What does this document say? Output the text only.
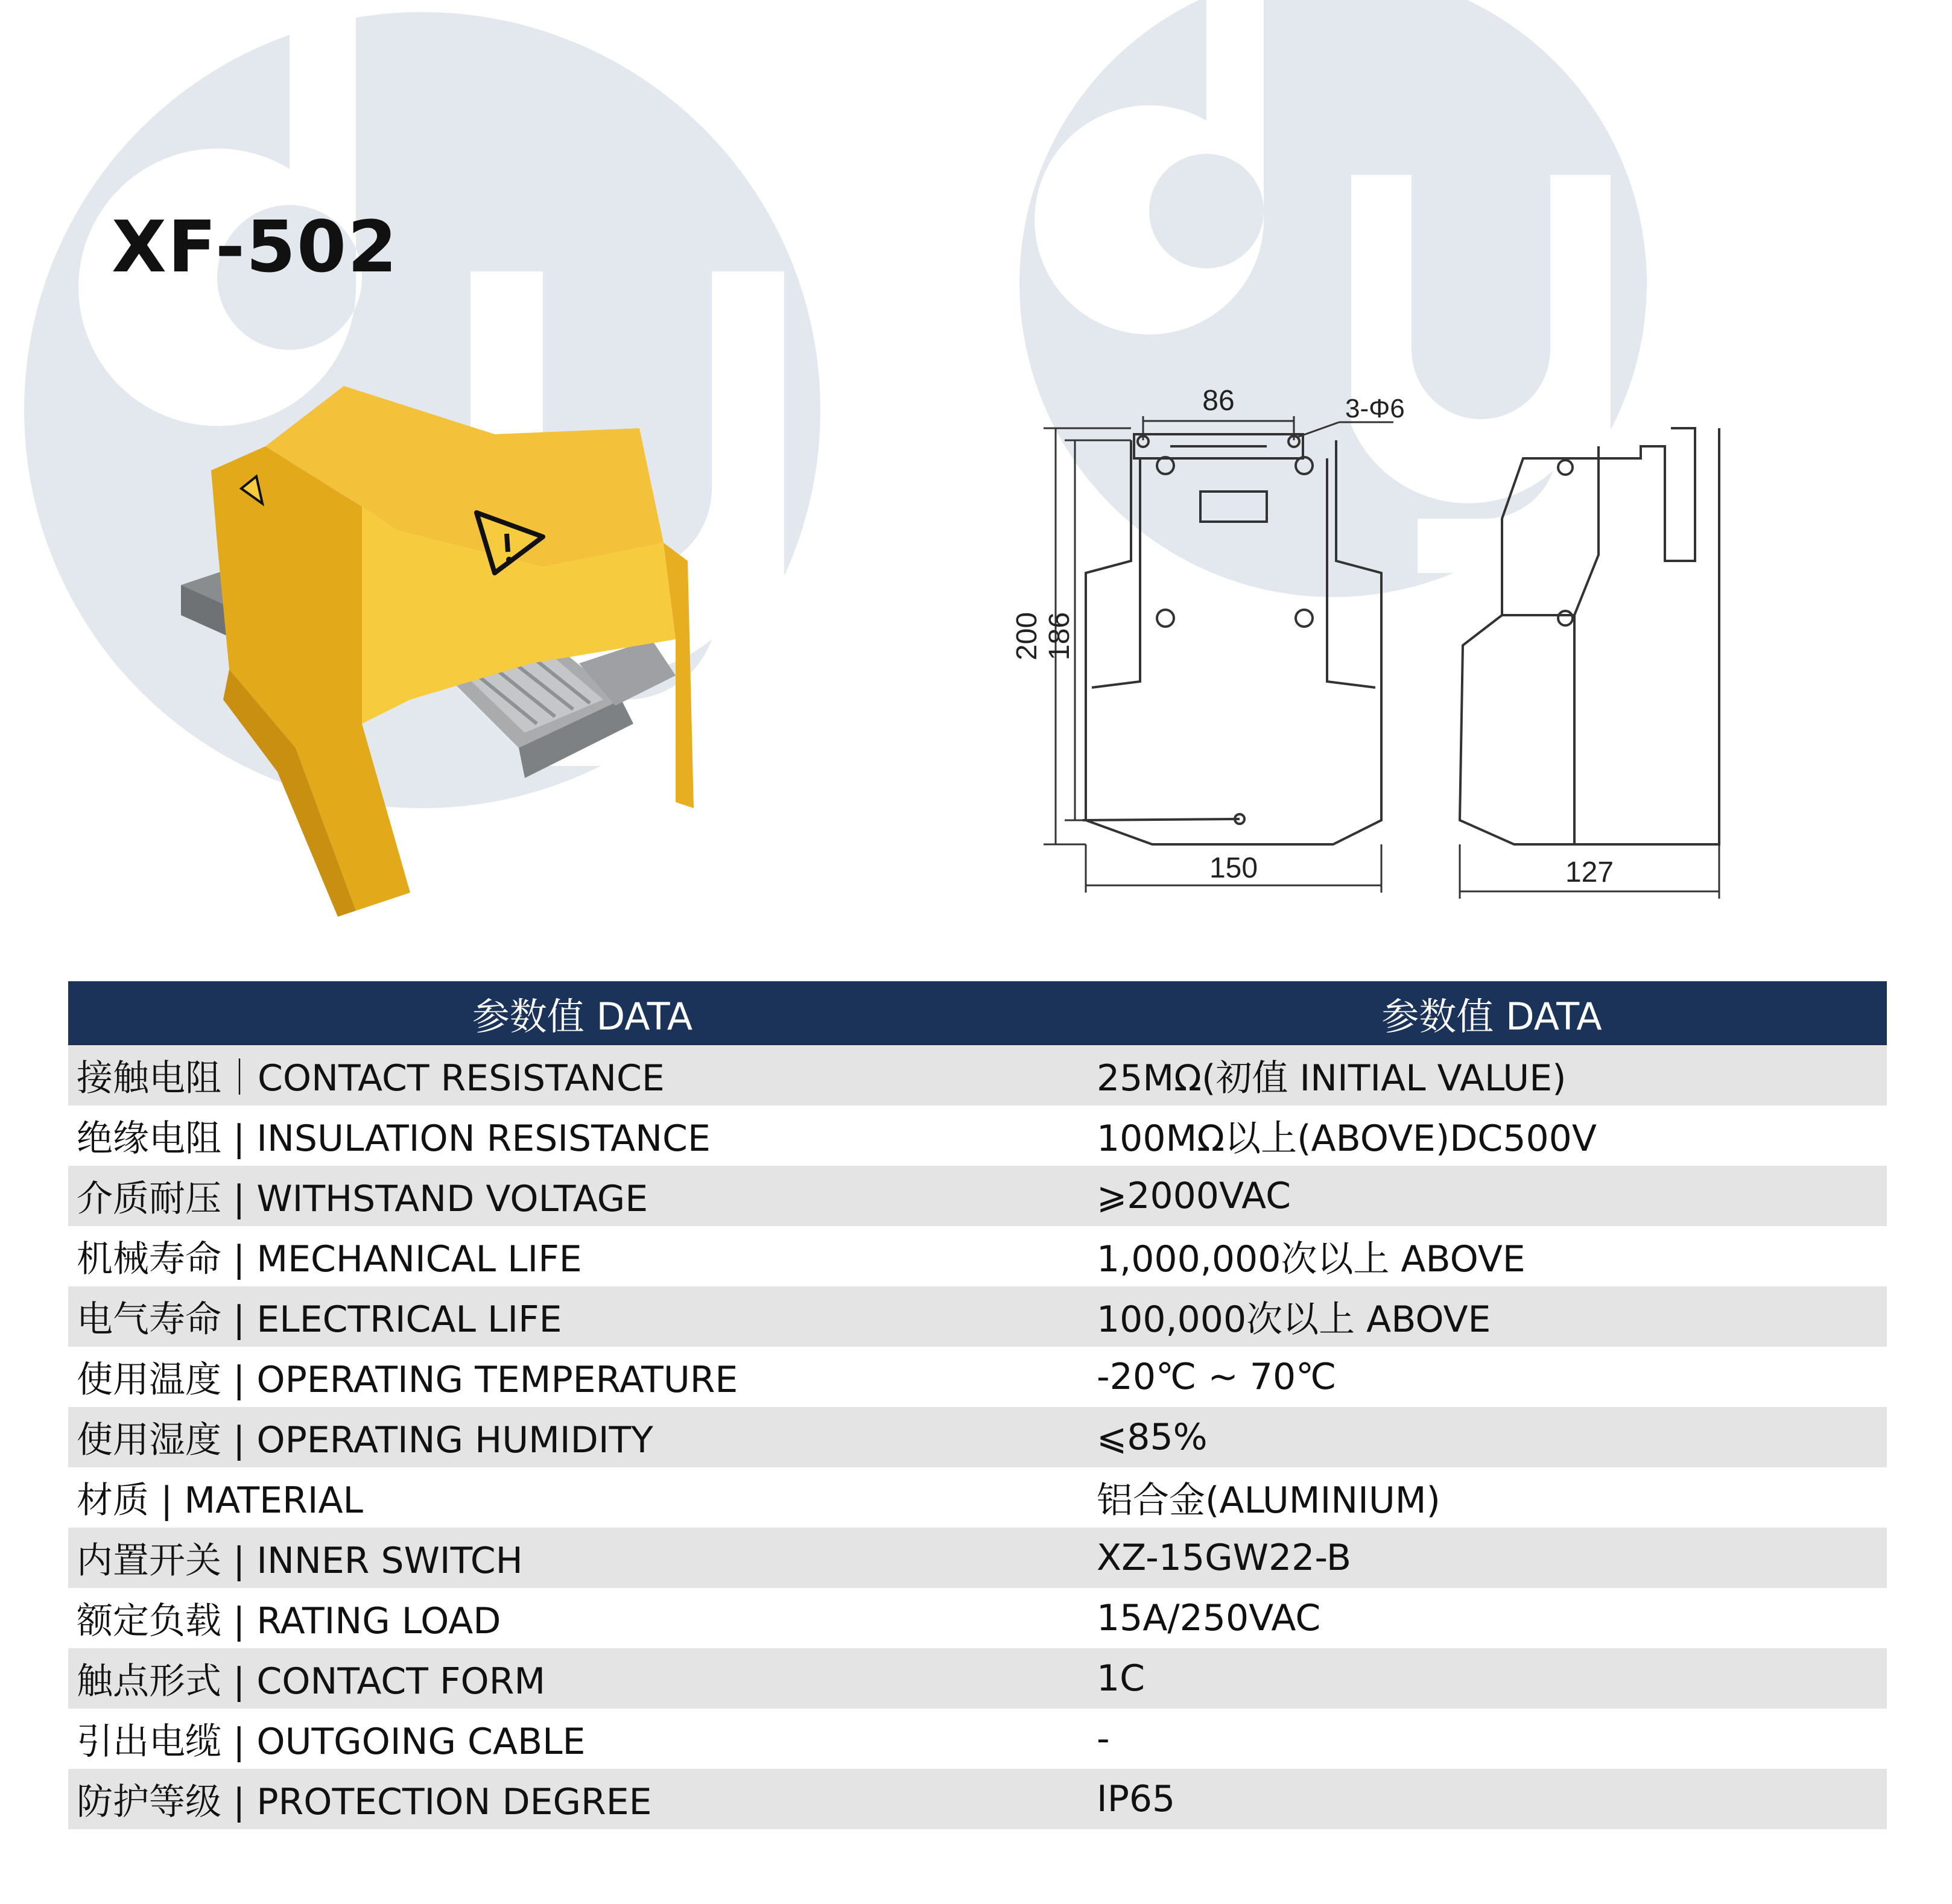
XF-502
86	3-Φ6
200 186
150	127
参数值 DATA	参数值 DATA
接触电阻｜CONTACT RESISTANCE	25MΩ(初值 INITIAL VALUE)
绝缘电阻 | INSULATION RESISTANCE	100MΩ以上(ABOVE)DC500V
介质耐压 | WITHSTAND VOLTAGE	⩾2000VAC
机械寿命 | MECHANICAL LIFE	1,000,000次以上 ABOVE
电气寿命 | ELECTRICAL LIFE	100,000次以上 ABOVE
使用温度 | OPERATING TEMPERATURE	-20℃ ~ 70℃
使用湿度 | OPERATING HUMIDITY	⩽85%
材质 | MATERIAL	铝合金(ALUMINIUM)
内置开关 | INNER SWITCH	XZ-15GW22-B
额定负载 | RATING LOAD	15A/250VAC
触点形式 | CONTACT FORM	1C
引出电缆 | OUTGOING CABLE	-
防护等级 | PROTECTION DEGREE	IP65
